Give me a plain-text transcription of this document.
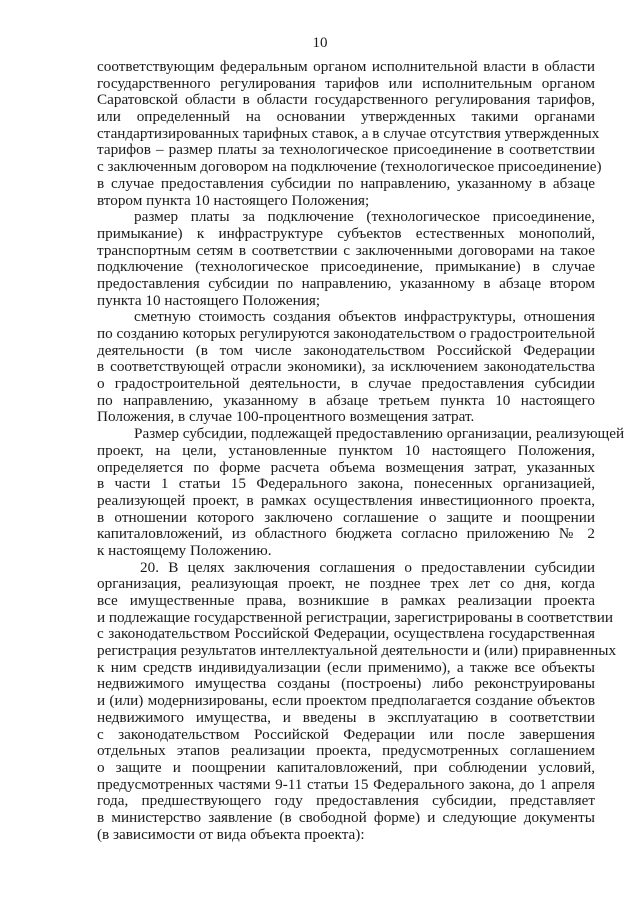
10
соответствующим федеральным органом исполнительной власти в области
государственного регулирования тарифов или исполнительным органом
Саратовской области в области государственного регулирования тарифов,
или определенный на основании утвержденных такими органами
стандартизированных тарифных ставок, а в случае отсутствия утвержденных
тарифов – размер платы за технологическое присоединение в соответствии
с заключенным договором на подключение (технологическое присоединение)
в случае предоставления субсидии по направлению, указанному в абзаце
втором пункта 10 настоящего Положения;
размер платы за подключение (технологическое присоединение,
примыкание) к инфраструктуре субъектов естественных монополий,
транспортным сетям в соответствии с заключенными договорами на такое
подключение (технологическое присоединение, примыкание) в случае
предоставления субсидии по направлению, указанному в абзаце втором
пункта 10 настоящего Положения;
сметную стоимость создания объектов инфраструктуры, отношения
по созданию которых регулируются законодательством о градостроительной
деятельности (в том числе законодательством Российской Федерации
в соответствующей отрасли экономики), за исключением законодательства
о градостроительной деятельности, в случае предоставления субсидии
по направлению, указанному в абзаце третьем пункта 10 настоящего
Положения, в случае 100-процентного возмещения затрат.
Размер субсидии, подлежащей предоставлению организации, реализующей
проект, на цели, установленные пунктом 10 настоящего Положения,
определяется по форме расчета объема возмещения затрат, указанных
в части 1 статьи 15 Федерального закона, понесенных организацией,
реализующей проект, в рамках осуществления инвестиционного проекта,
в отношении которого заключено соглашение о защите и поощрении
капиталовложений, из областного бюджета согласно приложению № 2
к настоящему Положению.
20. В целях заключения соглашения о предоставлении субсидии
организация, реализующая проект, не позднее трех лет со дня, когда
все имущественные права, возникшие в рамках реализации проекта
и подлежащие государственной регистрации, зарегистрированы в соответствии
с законодательством Российской Федерации, осуществлена государственная
регистрация результатов интеллектуальной деятельности и (или) приравненных
к ним средств индивидуализации (если применимо), а также все объекты
недвижимого имущества созданы (построены) либо реконструированы
и (или) модернизированы, если проектом предполагается создание объектов
недвижимого имущества, и введены в эксплуатацию в соответствии
с законодательством Российской Федерации или после завершения
отдельных этапов реализации проекта, предусмотренных соглашением
о защите и поощрении капиталовложений, при соблюдении условий,
предусмотренных частями 9-11 статьи 15 Федерального закона, до 1 апреля
года, предшествующего году предоставления субсидии, представляет
в министерство заявление (в свободной форме) и следующие документы
(в зависимости от вида объекта проекта):
